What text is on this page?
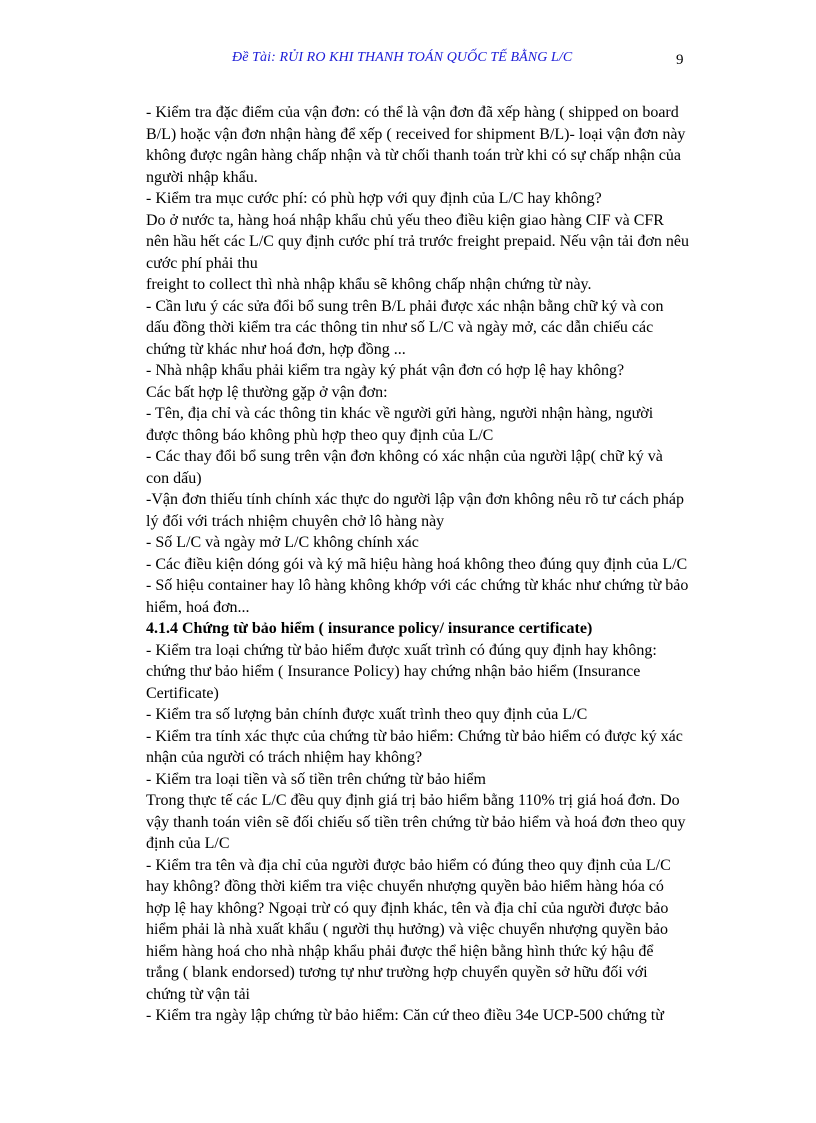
Đề Tài: RỦI RO KHI THANH TOÁN QUỐC TẾ BẰNG L/C	9
- Kiểm tra đặc điểm của vận đơn: có thể là vận đơn đã xếp hàng ( shipped on board
B/L) hoặc vận đơn nhận hàng để xếp ( received for shipment B/L)- loại vận đơn này
không được ngân hàng chấp nhận và từ chối thanh toán trừ khi có sự chấp nhận của
người nhập khẩu.
- Kiểm tra mục cước phí: có phù hợp với quy định của L/C hay không?
Do ở nước ta, hàng hoá nhập khẩu chủ yếu theo điều kiện giao hàng CIF và CFR
nên hầu hết các L/C quy định cước phí trả trước freight prepaid. Nếu vận tải đơn nêu
cước phí phải thu
freight to collect thì nhà nhập khẩu sẽ không chấp nhận chứng từ này.
- Cần lưu ý các sửa đổi bổ sung trên B/L phải được xác nhận bằng chữ ký và con
dấu đồng thời kiểm tra các thông tin như số L/C và ngày mở, các dẫn chiếu các
chứng từ khác như hoá đơn, hợp đồng ...
- Nhà nhập khẩu phải kiểm tra ngày ký phát vận đơn có hợp lệ hay không?
Các bất hợp lệ thường gặp ở vận đơn:
- Tên, địa chỉ và các thông tin khác về người gửi hàng, người nhận hàng, người
được thông báo không phù hợp theo quy định của L/C
- Các thay đổi bổ sung trên vận đơn không có xác nhận của người lập( chữ ký và
con dấu)
-Vận đơn thiếu tính chính xác thực do người lập vận đơn không nêu rõ tư cách pháp
lý đối với trách nhiệm chuyên chở lô hàng này
- Số L/C và ngày mở L/C không chính xác
- Các điều kiện dóng gói và ký mã hiệu hàng hoá không theo đúng quy định của L/C
- Số hiệu container hay lô hàng không khớp với các chứng từ khác như chứng từ bảo
hiểm, hoá đơn...
4.1.4 Chứng từ bảo hiểm ( insurance policy/ insurance certificate)
- Kiểm tra loại chứng từ bảo hiểm được xuất trình có đúng quy định hay không:
chứng thư bảo hiểm ( Insurance Policy) hay chứng nhận bảo hiểm (Insurance
Certificate)
- Kiểm tra số lượng bản chính được xuất trình theo quy định của L/C
- Kiểm tra tính xác thực của chứng từ bảo hiểm: Chứng từ bảo hiểm có được ký xác
nhận của người có trách nhiệm hay không?
- Kiểm tra loại tiền và số tiền trên chứng từ bảo hiểm
Trong thực tế các L/C đều quy định giá trị bảo hiểm bằng 110% trị giá hoá đơn. Do
vậy thanh toán viên sẽ đối chiếu số tiền trên chứng từ bảo hiểm và hoá đơn theo quy
định của L/C
- Kiểm tra tên và địa chỉ của người được bảo hiểm có đúng theo quy định của L/C
hay không? đồng thời kiểm tra việc chuyển nhượng quyền bảo hiểm hàng hóa có
hợp lệ hay không? Ngoại trừ có quy định khác, tên và địa chỉ của người được bảo
hiểm phải là nhà xuất khẩu ( người thụ hưởng) và việc chuyển nhượng quyền bảo
hiểm hàng hoá cho nhà nhập khẩu phải được thể hiện bằng hình thức ký hậu để
trắng ( blank endorsed) tương tự như trường hợp chuyển quyền sở hữu đối với
chứng từ vận tải
- Kiểm tra ngày lập chứng từ bảo hiểm: Căn cứ theo điều 34e UCP-500 chứng từ
